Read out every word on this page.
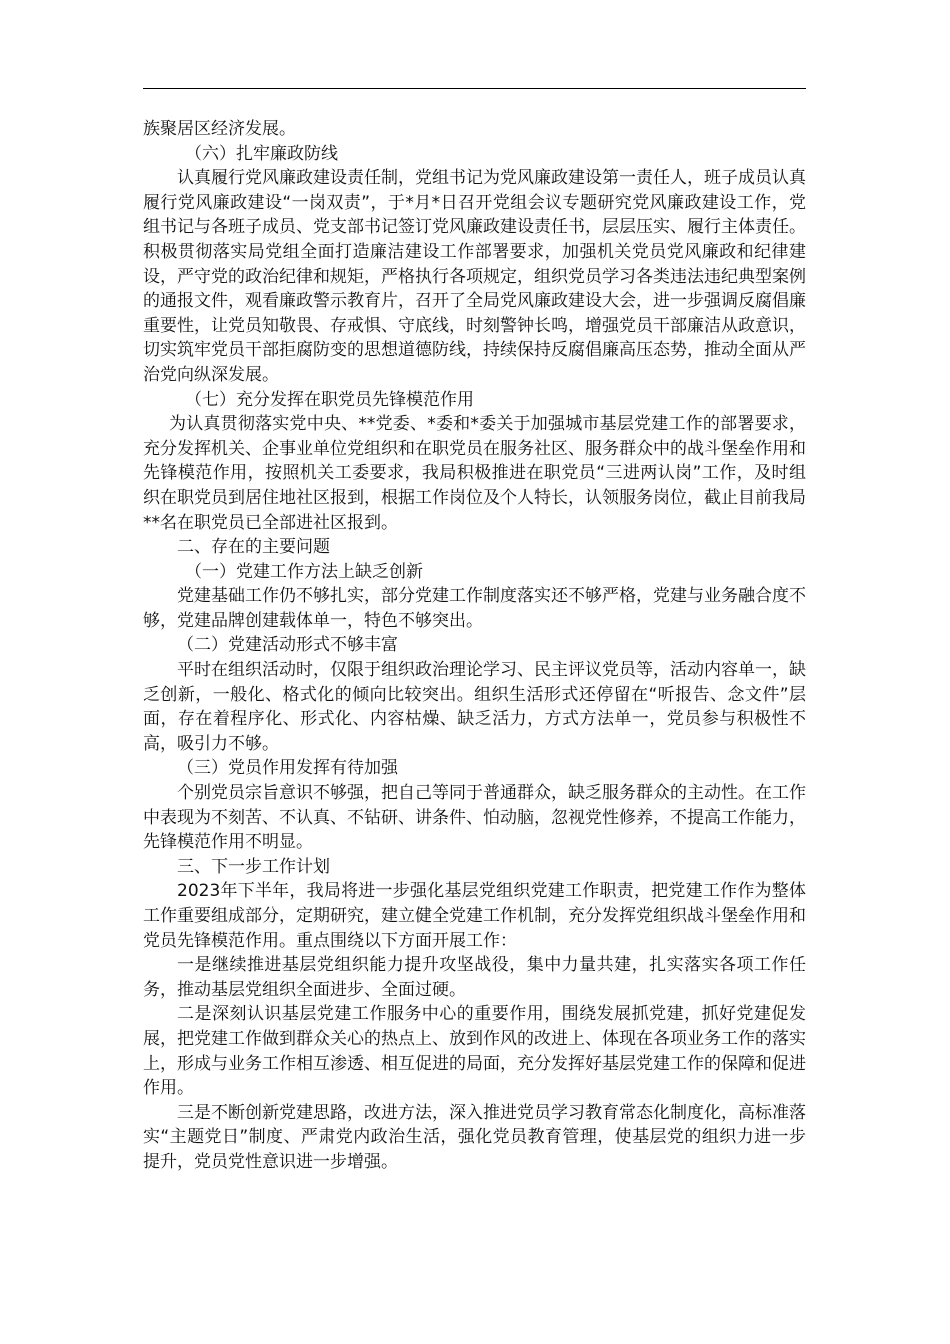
族聚居区经济发展。

（六）扎牢廉政防线

认真履行党风廉政建设责任制，党组书记为党风廉政建设第一责任人，班子成员认真履行党风廉政建设“一岗双责”，于*月*日召开党组会议专题研究党风廉政建设工作，党组书记与各班子成员、党支部书记签订党风廉政建设责任书，层层压实、履行主体责任。积极贯彻落实局党组全面打造廉洁建设工作部署要求，加强机关党员党风廉政和纪律建设，严守党的政治纪律和规矩，严格执行各项规定，组织党员学习各类违法违纪典型案例的通报文件，观看廉政警示教育片，召开了全局党风廉政建设大会，进一步强调反腐倡廉重要性，让党员知敬畏、存戒惧、守底线，时刻警钟长鸣，增强党员干部廉洁从政意识，切实筑牢党员干部拒腐防变的思想道德防线，持续保持反腐倡廉高压态势，推动全面从严治党向纵深发展。

（七）充分发挥在职党员先锋模范作用

为认真贯彻落实党中央、**党委、*委和*委关于加强城市基层党建工作的部署要求，充分发挥机关、企事业单位党组织和在职党员在服务社区、服务群众中的战斗堡垒作用和先锋模范作用，按照机关工委要求，我局积极推进在职党员“三进两认岗”工作，及时组织在职党员到居住地社区报到，根据工作岗位及个人特长，认领服务岗位，截止目前我局**名在职党员已全部进社区报到。

二、存在的主要问题

（一）党建工作方法上缺乏创新

党建基础工作仍不够扎实，部分党建工作制度落实还不够严格，党建与业务融合度不够，党建品牌创建载体单一，特色不够突出。

（二）党建活动形式不够丰富

平时在组织活动时，仅限于组织政治理论学习、民主评议党员等，活动内容单一，缺乏创新，一般化、格式化的倾向比较突出。组织生活形式还停留在“听报告、念文件”层面，存在着程序化、形式化、内容枯燥、缺乏活力，方式方法单一，党员参与积极性不高，吸引力不够。

（三）党员作用发挥有待加强

个别党员宗旨意识不够强，把自己等同于普通群众，缺乏服务群众的主动性。在工作中表现为不刻苦、不认真、不钻研、讲条件、怕动脑，忽视党性修养，不提高工作能力，先锋模范作用不明显。

三、下一步工作计划

2023年下半年，我局将进一步强化基层党组织党建工作职责，把党建工作作为整体工作重要组成部分，定期研究，建立健全党建工作机制，充分发挥党组织战斗堡垒作用和党员先锋模范作用。重点围绕以下方面开展工作：

一是继续推进基层党组织能力提升攻坚战役，集中力量共建，扎实落实各项工作任务，推动基层党组织全面进步、全面过硬。

二是深刻认识基层党建工作服务中心的重要作用，围绕发展抓党建，抓好党建促发展，把党建工作做到群众关心的热点上、放到作风的改进上、体现在各项业务工作的落实上，形成与业务工作相互渗透、相互促进的局面，充分发挥好基层党建工作的保障和促进作用。

三是不断创新党建思路，改进方法，深入推进党员学习教育常态化制度化，高标准落实“主题党日”制度、严肃党内政治生活，强化党员教育管理，使基层党的组织力进一步提升，党员党性意识进一步增强。
